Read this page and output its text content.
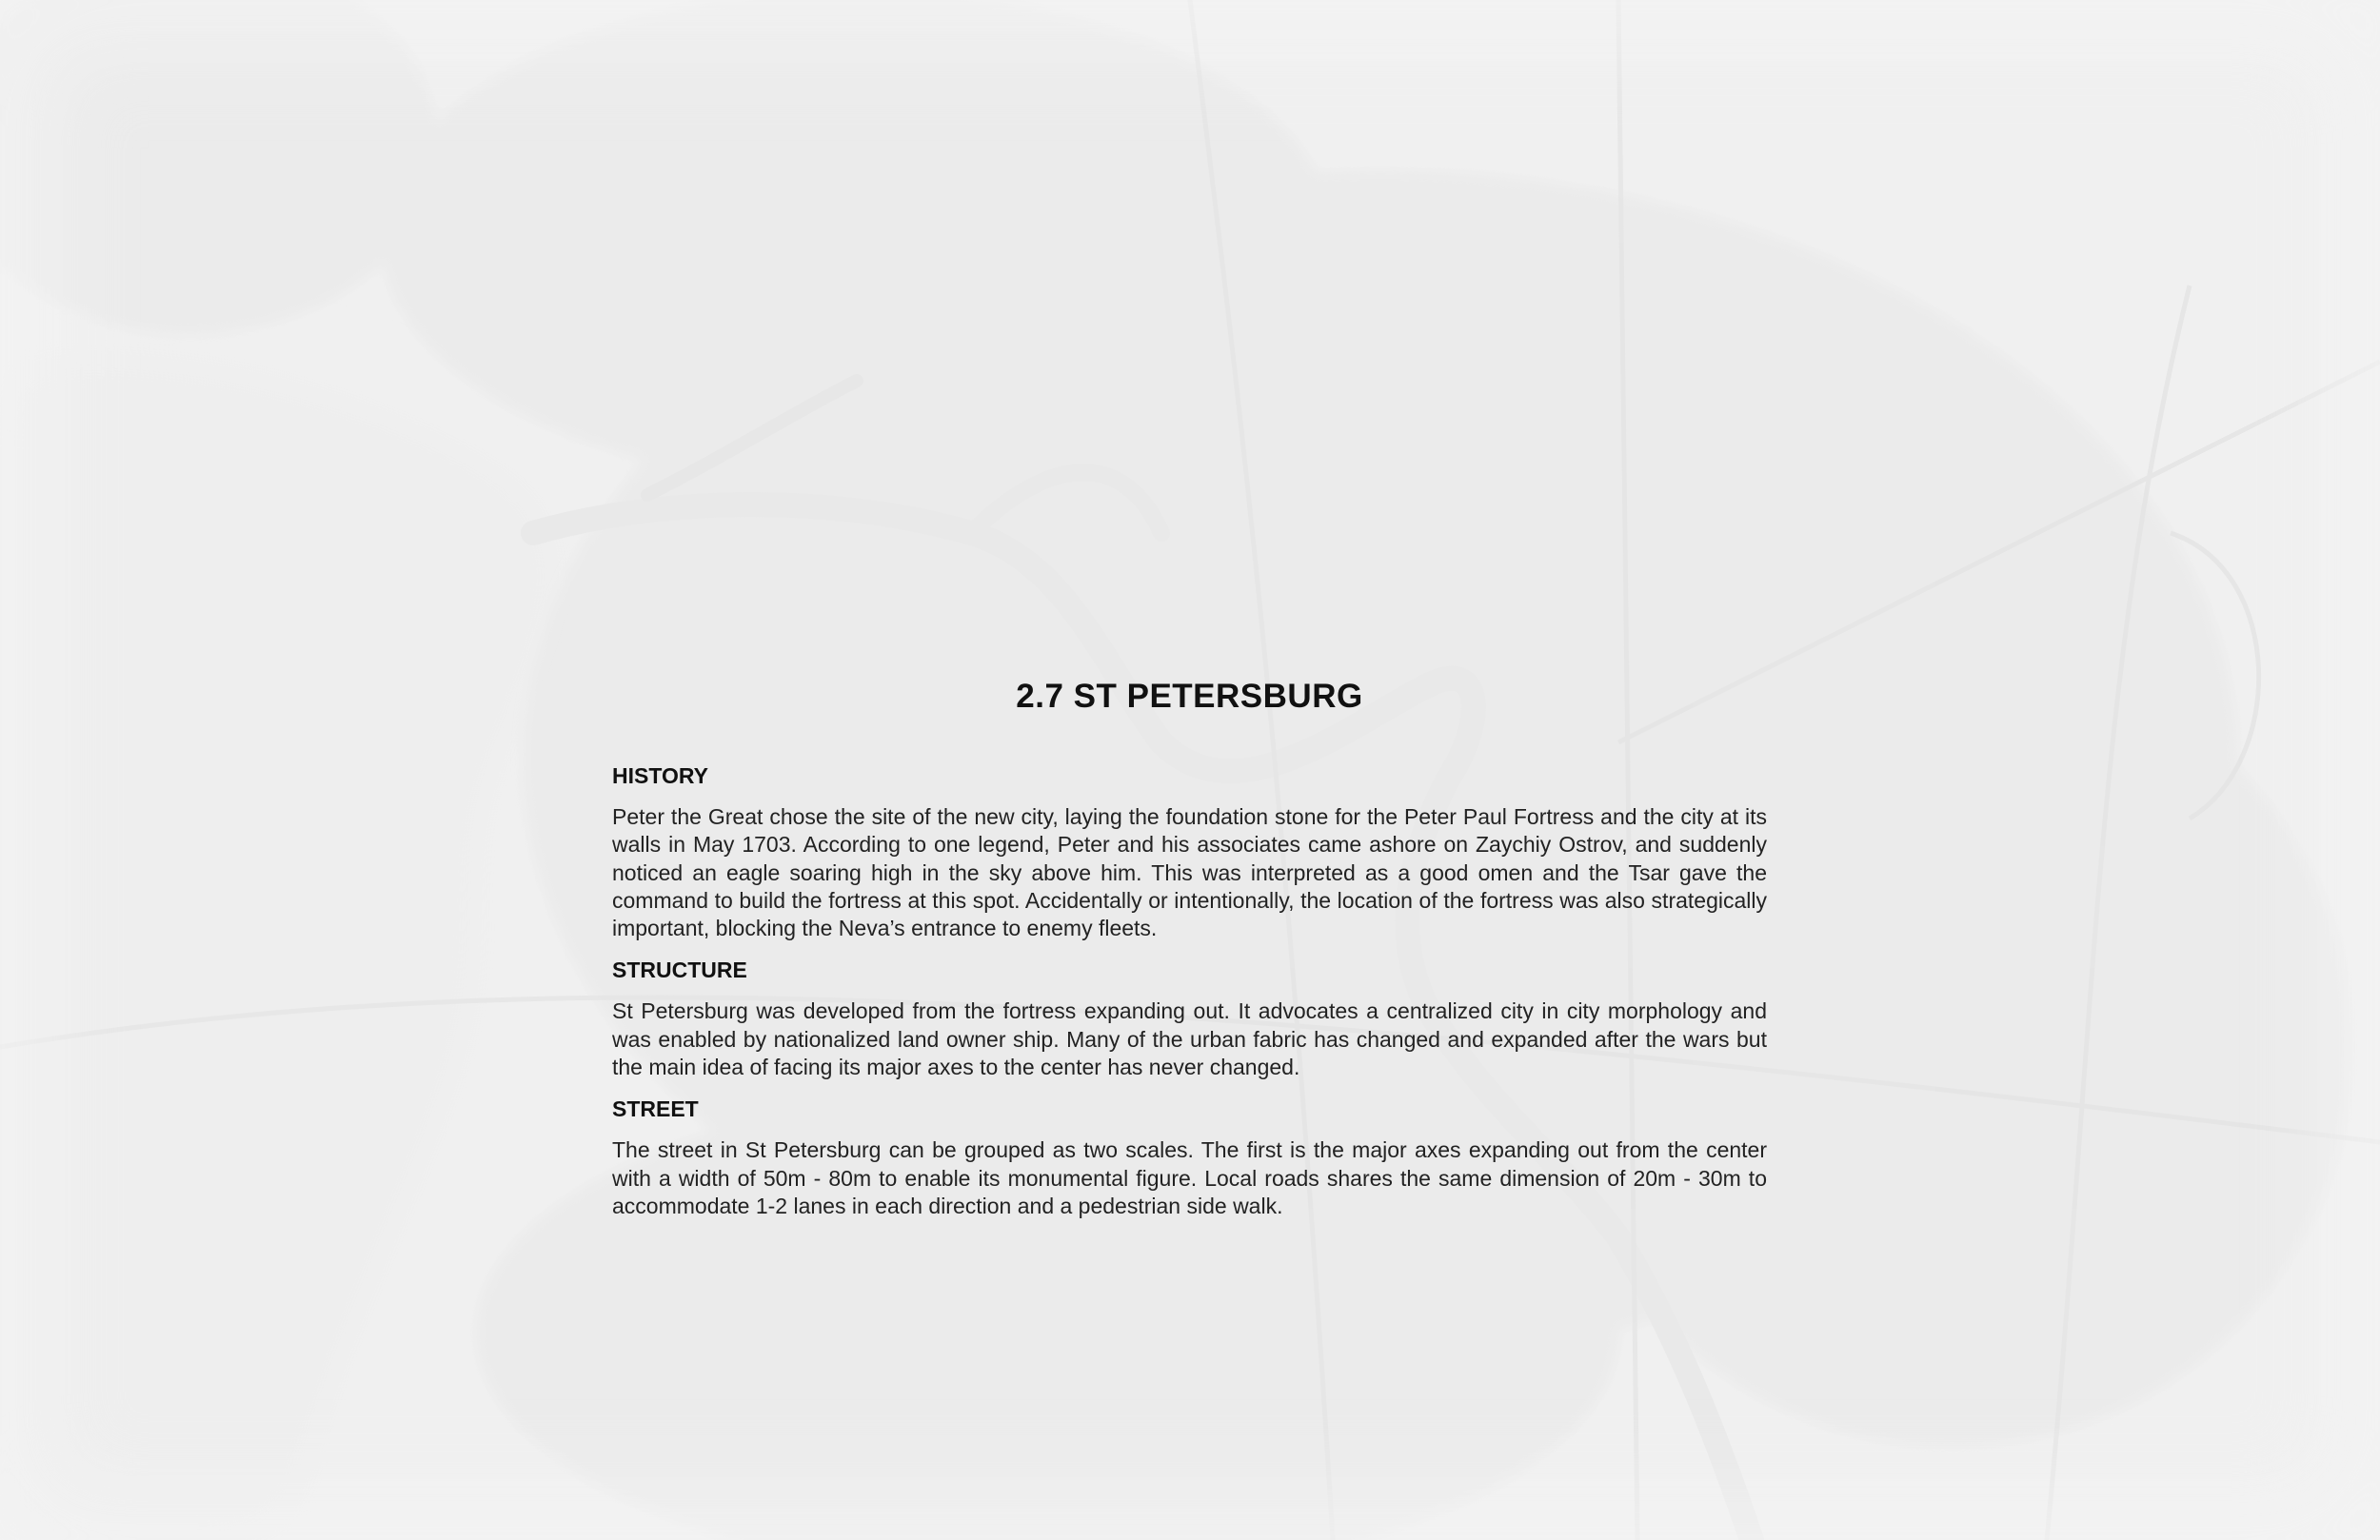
2.7 ST PETERSBURG
HISTORY

Peter the Great chose the site of the new city, laying the foundation stone for the Peter Paul Fortress and the city at its walls in May 1703. According to one legend, Peter and his associates came ashore on Zaychiy Ostrov, and suddenly noticed an eagle soaring high in the sky above him. This was interpreted as a good omen and the Tsar gave the command to build the fortress at this spot. Accidentally or intentionally, the location of the fortress was also strategically important, blocking the Neva’s entrance to enemy fleets.

STRUCTURE

St Petersburg was developed from the fortress expanding out. It advocates a centralized city in city morphology and was enabled by nationalized land owner ship. Many of the urban fabric has changed and expanded after the wars but the main idea of facing its major axes to the center has never changed.

STREET

The street in St Petersburg can be grouped as two scales. The first is the major axes expanding out from the center with a width of 50m - 80m to enable its monumental figure. Local roads shares the same dimension of 20m - 30m to accommodate 1-2 lanes in each direction and a pedestrian side walk.
